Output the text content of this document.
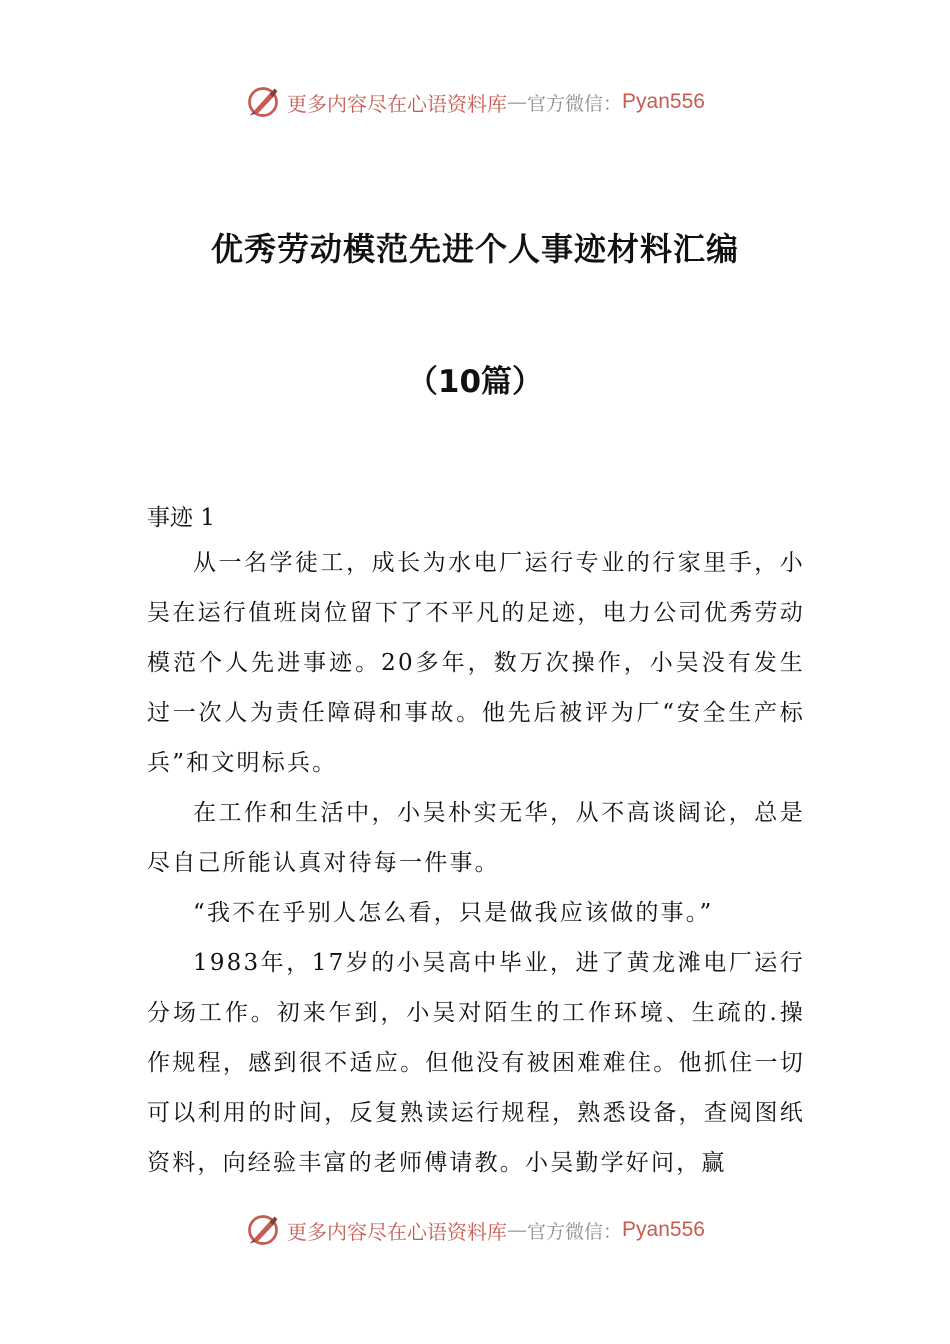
更多内容尽在心语资料库 — 官方微信： Pyan556
优秀劳动模范先进个人事迹材料汇编
（10篇）

事迹 1

从一名学徒工，成长为水电厂运行专业的行家里手，小吴在运行值班岗位留下了不平凡的足迹，电力公司优秀劳动模范个人先进事迹。20多年，数万次操作，小吴没有发生过一次人为责任障碍和事故。他先后被评为厂“安全生产标兵”和文明标兵。

在工作和生活中，小吴朴实无华，从不高谈阔论，总是尽自己所能认真对待每一件事。

“我不在乎别人怎么看，只是做我应该做的事。”

1983年，17岁的小吴高中毕业，进了黄龙滩电厂运行分场工作。初来乍到，小吴对陌生的工作环境、生疏的.操作规程，感到很不适应。但他没有被困难难住。他抓住一切可以利用的时间，反复熟读运行规程，熟悉设备，查阅图纸资料，向经验丰富的老师傅请教。小吴勤学好问，赢

更多内容尽在心语资料库 — 官方微信： Pyan556
